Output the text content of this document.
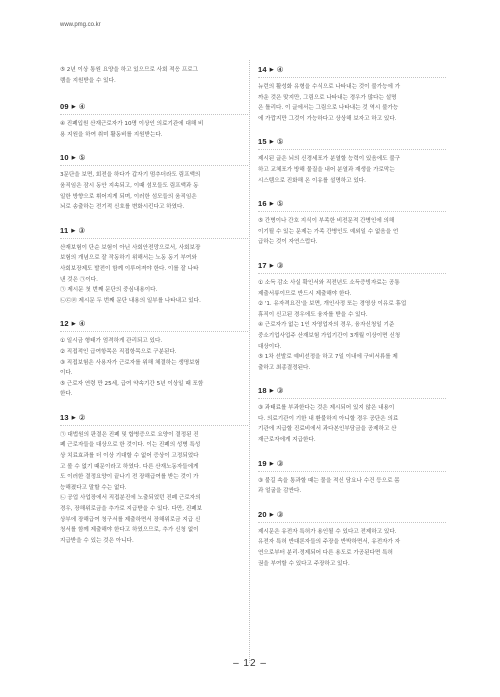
www.pmg.co.kr
⑤ 2년 이상 통원 요양을 하고 있으므로 사회 적응 프로그
램을 지원받을 수 있다.
09 ▶ ④
④ 진폐입원 산재근로자가 10명 이상인 의료기관에 대해 비
용 지원을 하여 취미 활동비를 지원받는다.
10 ▶ ⑤
3문단을 보면, 회전을 하다가 갑자기 멈추더라도 림프액의
움직임은 잠시 동안 지속되고, 이때 섬모들도 림프액과 동
일한 방향으로 휘어지게 되며, 이러한 섬모들의 움직임은
뇌로 송출하는 전기적 신호를 변화시킨다고 하였다.
11 ▶ ③
산재보험이 단순 보험이 아닌 사회안전망으로서, 사회보장
보험의 개념으로 잘 작동하기 위해서는 노동 동기 부여와
사회보장제도 발전이 함께 이루어져야 한다. 이를 잘 나타
낸 것은 ㉠이다.
㉠ 제시문 첫 번째 문단의 중심내용이다.
㉡㉢㉣ 제시문 두 번째 문단 내용의 일부를 나타내고 있다.
12 ▶ ④
① 일시금 형태가 엄격하게 관리되고 있다.
② 직접적인 급여항목은 직접항목으로 구분된다.
③ 직접보험은 사용자가 근로자를 위해 체결하는 생명보험
이다.
⑤ 근로자 연령 만 25세, 급여 약속기간 5년 이상일 때 포함
한다.
13 ▶ ②
㉠ 대법원의 판결은 진폐 및 합병증으로 요양이 결정된 진
폐 근로자들을 대상으로 한 것이다. 이는 진폐의 성병 특성
상 치료효과를 더 이상 기대할 수 없어 증상이 고정되었다
고 볼 수 없기 때문이라고 하였다. 다른 산재노동자들에게
도 이러한 결정요양이 끝나기 전 장해급여를 받는 것이 가
능해졌다고 말할 수는 없다.
㉡ 공업 사업장에서 직접분진에 노출되었던 진폐 근로자의
경우, 장해위로금을 추가로 지급받을 수 있다. 다만, 진폐보
상부에 장해급여 청구서를 제출하면서 장해위로금 지급 신
청서를 함께 제출해야 한다고 하였으므로, 추가 신청 없이
지급받을 수 있는 것은 아니다.
14 ▶ ④
뉴런의 활성화 유형을 수식으로 나타내는 것이 불가능에 가
까운 것은 맞지만, 그림으로 나타내는 경우가 많다는 설명
은 틀리다. 이 글에서는 그림으로 나타내는 것 역시 불가능
에 가깝지만 그것이 가능하다고 상상해 보자고 하고 있다.
15 ▶ ⑤
제시된 글은 뇌의 신경세포가 분열할 능력이 있음에도 불구
하고 교체포가 방해 물질을 내어 분열과 재생을 가로막는
시스템으로 진화해 온 이유를 설명하고 있다.
16 ▶ ⑤
⑤ 간병이나 간호 지식이 부족한 비전문적 간병인에 의해
이기될 수 있는 문제는 가족 간병인도 예외일 수 없음을 언
급하는 것이 자연스럽다.
17 ▶ ③
① 소득 감소 사실 확인서와 직전년도 소득증빙자료는 공통
제출서류이므로 반드시 제출해야 한다.
② '1. 유자격요건'을 보면, 개인사정 또는 경영상 이유로 휴업
휴직이 신고된 경우에도 융자를 받을 수 있다.
④ 근로자가 없는 1인 자영업자의 경우, 융자신청일 기준
중소기업사업주 산재보험 가입기간이 3개월 이상이면 신청
대상이다.
⑤ 1차 선발로 예비선정을 하고 7일 이내에 구비서류를 제
출하고 최종결정된다.
18 ▶ ③
③ 과태료를 부과한다는 것은 제시되어 있지 않은 내용이
다. 의료기관이 기한 내 환불하지 아니할 경우 공단은 의료
기관에 지급할 진료비에서 과다본인부담금을 공제하고 산
재근로자에게 지급한다.
19 ▶ ③
③ 불길 속을 통과할 때는 물을 적신 담요나 수건 등으로 몸
과 얼굴을 감싼다.
20 ▶ ③
제시문은 유전자 특허가 용인될 수 있다고 전제하고 있다.
유전자 특허 반대론자들의 주장을 반박하면서, 유전자가 자
연으로부터 분리·정제되어 다른 용도로 가공된다면 특허
권을 부여할 수 있다고 주장하고 있다.
– 12 –
